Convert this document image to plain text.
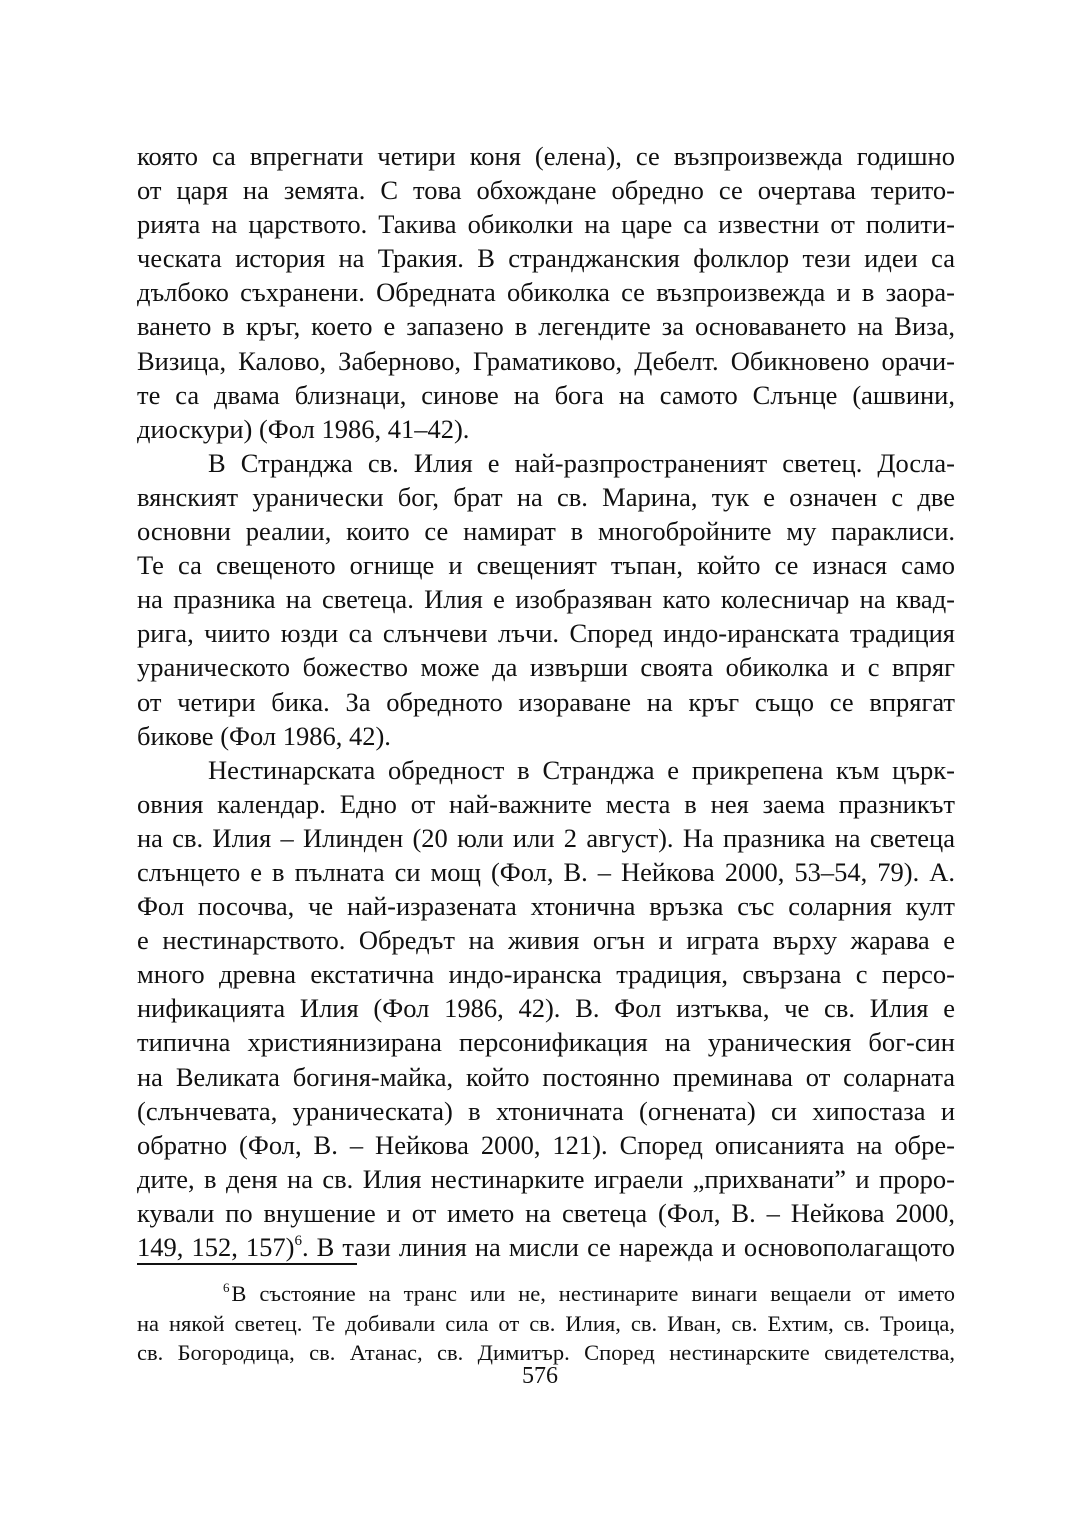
която са впрегнати четири коня (елена), се възпроизвежда годишно
от царя на земята. С това обхождане обредно се очертава терито-
рията на царството. Такива обиколки на царе са известни от полити-
ческата история на Тракия. В странджанския фолклор тези идеи са
дълбоко съхранени. Обредната обиколка се възпроизвежда и в заора-
ването в кръг, което е запазено в легендите за основаването на Виза,
Визица, Калово, Заберново, Граматиково, Дебелт. Обикновено орачи-
те са двама близнаци, синове на бога на самото Слънце (ашвини,
диоскури) (Фол 1986, 41–42).
В Странджа св. Илия е най-разпространеният светец. Досла-
вянският уранически бог, брат на св. Марина, тук е означен с две
основни реалии, които се намират в многобройните му параклиси.
Те са свещеното огнище и свещеният тъпан, който се изнася само
на празника на светеца. Илия е изобразяван като колесничар на квад-
рига, чиито юзди са слънчеви лъчи. Според индо-иранската традиция
ураническото божество може да извърши своята обиколка и с впряг
от четири бика. За обредното изораване на кръг също се впрягат
бикове (Фол 1986, 42).
Нестинарската обредност в Странджа е прикрепена към църк-
овния календар. Едно от най-важните места в нея заема празникът
на св. Илия – Илинден (20 юли или 2 август). На празника на светеца
слънцето е в пълната си мощ (Фол, В. – Нейкова 2000, 53–54, 79). А.
Фол посочва, че най-изразената хтонична връзка със соларния култ
е нестинарството. Обредът на живия огън и играта върху жарава е
много древна екстатична индо-иранска традиция, свързана с персо-
нификацията Илия (Фол 1986, 42). В. Фол изтъква, че св. Илия е
типична християнизирана персонификация на ураническия бог-син
на Великата богиня-майка, който постоянно преминава от соларната
(слънчевата, ураническата) в хтоничната (огнената) си хипостаза и
обратно (Фол, В. – Нейкова 2000, 121). Според описанията на обре-
дите, в деня на св. Илия нестинарките играели „прихванати” и проро-
кували по внушение и от името на светеца (Фол, В. – Нейкова 2000,
149, 152, 157)$^6$. В тази линия на мисли се нарежда и основополагащото
$^6$ В състояние на транс или не, нестинарите винаги вещаели от името
на някой светец. Те добивали сила от св. Илия, св. Иван, св. Ехтим, св. Троица,
св. Богородица, св. Атанас, св. Димитър. Според нестинарските свидетелства,
576
